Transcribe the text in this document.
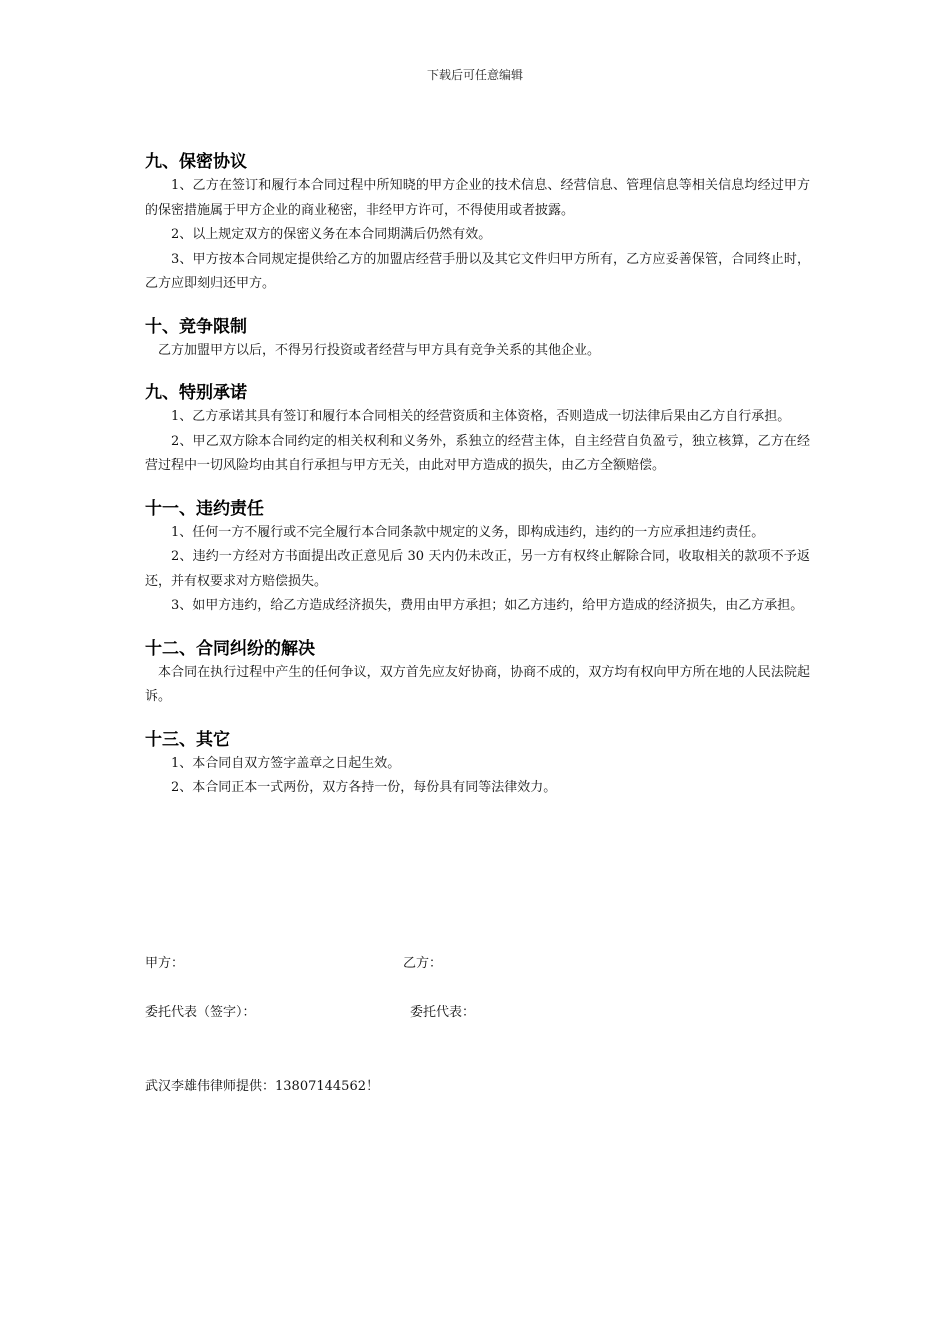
下载后可任意编辑
九、保密协议

1、乙方在签订和履行本合同过程中所知晓的甲方企业的技术信息、经营信息、管理信息等相关信息均经过甲方的保密措施属于甲方企业的商业秘密，非经甲方许可，不得使用或者披露。

2、以上规定双方的保密义务在本合同期满后仍然有效。

3、甲方按本合同规定提供给乙方的加盟店经营手册以及其它文件归甲方所有，乙方应妥善保管，合同终止时，乙方应即刻归还甲方。

十、竞争限制

乙方加盟甲方以后，不得另行投资或者经营与甲方具有竞争关系的其他企业。

九、特别承诺

1、乙方承诺其具有签订和履行本合同相关的经营资质和主体资格，否则造成一切法律后果由乙方自行承担。

2、甲乙双方除本合同约定的相关权利和义务外，系独立的经营主体，自主经营自负盈亏，独立核算，乙方在经营过程中一切风险均由其自行承担与甲方无关，由此对甲方造成的损失，由乙方全额赔偿。

十一、违约责任

1、任何一方不履行或不完全履行本合同条款中规定的义务，即构成违约，违约的一方应承担违约责任。

2、违约一方经对方书面提出改正意见后 30 天内仍未改正，另一方有权终止解除合同，收取相关的款项不予返还，并有权要求对方赔偿损失。

3、如甲方违约，给乙方造成经济损失，费用由甲方承担；如乙方违约，给甲方造成的经济损失，由乙方承担。

十二、合同纠纷的解决

本合同在执行过程中产生的任何争议，双方首先应友好协商，协商不成的，双方均有权向甲方所在地的人民法院起诉。

十三、其它

1、本合同自双方签字盖章之日起生效。

2、本合同正本一式两份，双方各持一份，每份具有同等法律效力。

甲方：	乙方：
委托代表（签字）：	委托代表：
武汉李雄伟律师提供：13807144562！
